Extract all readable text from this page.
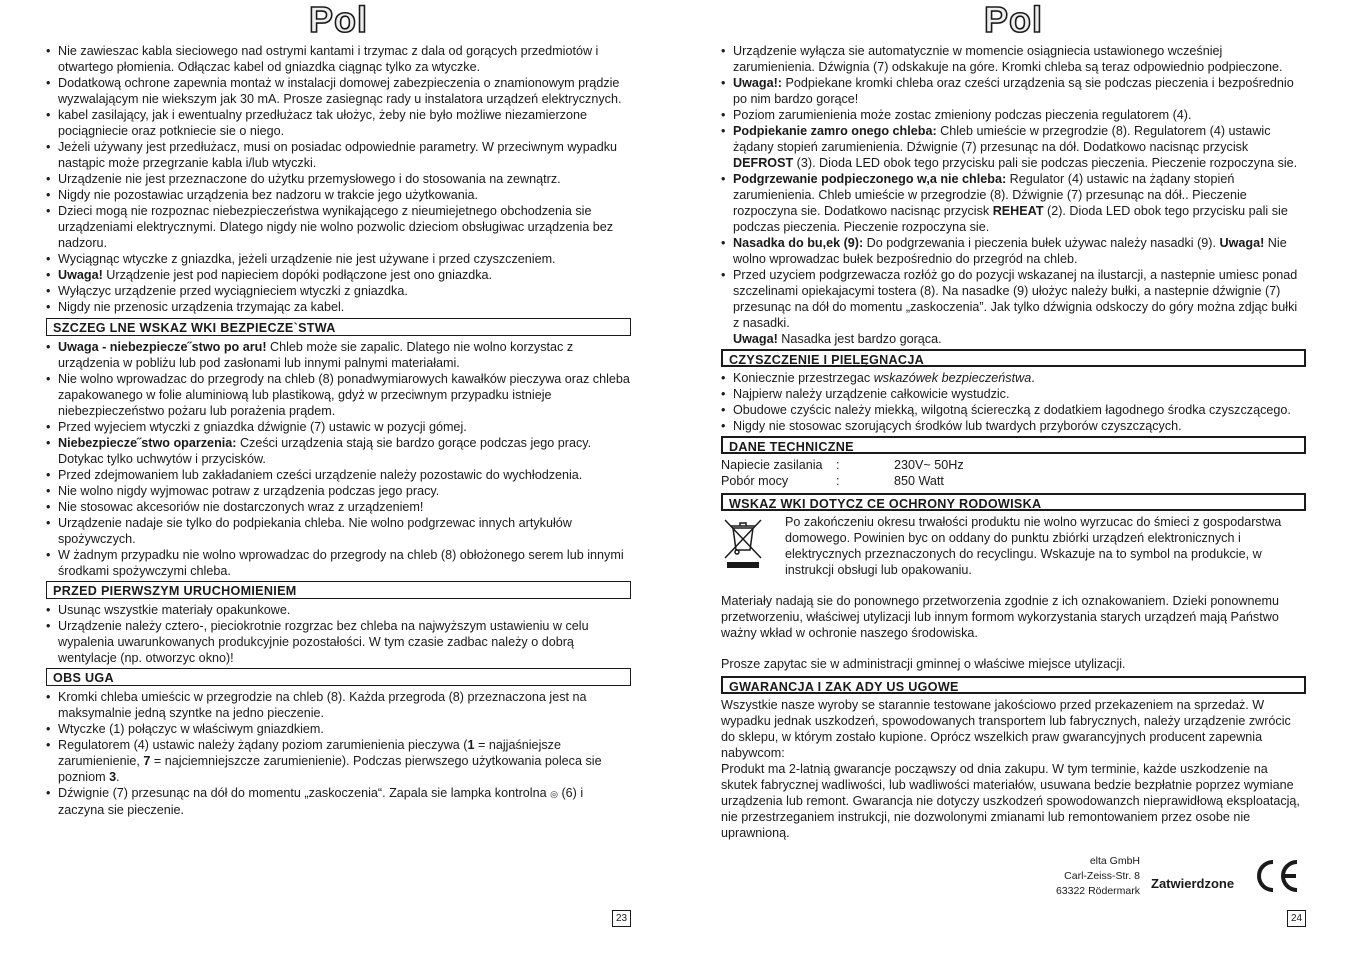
Pol
• Nie zawieszac kabla sieciowego nad ostrymi kantami i trzymac z dala od gorących przedmiotów i otwartego płomienia. Odłączac kabel od gniazdka ciągnąc tylko za wtyczke.
• Dodatkową ochrone zapewnia montaż w instalacji domowej zabezpieczenia o znamionowym prądzie wyzwalającym nie wiekszym jak 30 mA. Prosze zasiegnąc rady u instalatora urządzeń elektrycznych.
• kabel zasilający, jak i ewentualny przedłużacz tak ułożyc, żeby nie było możliwe niezamierzone pociągniecie oraz potkniecie sie o niego.
• Jeżeli używany jest przedłużacz, musi on posiadac odpowiednie parametry. W przeciwnym wypadku nastąpic może przegrzanie kabla i/lub wtyczki.
• Urządzenie nie jest przeznaczone do użytku przemysłowego i do stosowania na zewnątrz.
• Nigdy nie pozostawiac urządzenia bez nadzoru w trakcie jego użytkowania.
• Dzieci mogą nie rozpoznac niebezpieczeństwa wynikającego z nieumiejetnego obchodzenia sie urządzeniami elektrycznymi. Dlatego nigdy nie wolno pozwolic dzieciom obsługiwac urządzenia bez nadzoru.
• Wyciągnąc wtyczke z gniazdka, jeżeli urządzenie nie jest używane i przed czyszczeniem.
• Uwaga! Urządzenie jest pod napieciem dopóki podłączone jest ono gniazdka.
• Wyłączyc urządzenie przed wyciągnieciem wtyczki z gniazdka.
• Nigdy nie przenosic urządzenia trzymając za kabel.
SZCZEG LNE WSKAZ WKI BEZPIECZE`STWA
• Uwaga - niebezpiecze˝stwo po aru! Chleb może sie zapalic. Dlatego nie wolno korzystac z urządzenia w pobliżu lub pod zasłonami lub innymi palnymi materiałami.
• Nie wolno wprowadzac do przegrody na chleb (8) ponadwymiarowych kawałków pieczywa oraz chleba zapakowanego w folie aluminiową lub plastikową, gdyż w przeciwnym przypadku istnieje niebezpieczeństwo pożaru lub porażenia prądem.
• Przed wyjeciem wtyczki z gniazdka dźwignie (7) ustawic w pozycji gómej.
• Niebezpiecze˝stwo oparzenia: Cześci urządzenia stają sie bardzo gorące podczas jego pracy. Dotykac tylko uchwytów i przycisków.
• Przed zdejmowaniem lub zakładaniem cześci urządzenie należy pozostawic do wychłodzenia.
• Nie wolno nigdy wyjmowac potraw z urządzenia podczas jego pracy.
• Nie stosowac akcesoriów nie dostarczonych wraz z urządzeniem!
• Urządzenie nadaje sie tylko do podpiekania chleba. Nie wolno podgrzewac innych artykułów spożywczych.
• W żadnym przypadku nie wolno wprowadzac do przegrody na chleb (8) obłożonego serem lub innymi środkami spożywczymi chleba.
PRZED PIERWSZYM URUCHOMIENIEM
• Usunąc wszystkie materiały opakunkowe.
• Urządzenie należy cztero-, pieciokrotnie rozgrzac bez chleba na najwyższym ustawieniu w celu wypalenia uwarunkowanych produkcyjnie pozostałości. W tym czasie zadbac należy o dobrą wentylacje (np. otworzyc okno)!
OBS UGA
• Kromki chleba umieścic w przegrodzie na chleb (8). Każda przegroda (8) przeznaczona jest na maksymalnie jedną szyntke na jedno pieczenie.
• Wtyczke (1) połączyc w właściwym gniazdkiem.
• Regulatorem (4) ustawic należy żądany poziom zarumienienia pieczywa (1 = najjaśniejsze zarumienienie, 7 = najciemniejszcze zarumienienie). Podczas pierwszego użytkowania poleca sie pozniom 3.
• Dźwignie (7) przesunąc na dół do momentu „zaskoczenia“. Zapala sie lampka kontrolna ◎ (6) i zaczyna sie pieczenie.
23
Pol
• Urządzenie wyłącza sie automatycznie w momencie osiągniecia ustawionego wcześniej zarumienienia. Dźwignia (7) odskakuje na góre. Kromki chleba są teraz odpowiednio podpieczone.
• Uwaga!: Podpiekane kromki chleba oraz cześci urządzenia są sie podczas pieczenia i bezpośrednio po nim bardzo gorące!
• Poziom zarumienienia może zostac zmieniony podczas pieczenia regulatorem (4).
• Podpiekanie zamro onego chleba: Chleb umieście w przegrodzie (8). Regulatorem (4) ustawic żądany stopień zarumienienia. Dźwignie (7) przesunąc na dół. Dodatkowo nacisnąc przycisk DEFROST (3). Dioda LED obok tego przycisku pali sie podczas pieczenia. Pieczenie rozpoczyna sie.
• Podgrzewanie podpieczonego w,a nie chleba: Regulator (4) ustawic na żądany stopień zarumienienia. Chleb umieście w przegrodzie (8). Dźwignie (7) przesunąc na dół.. Pieczenie rozpoczyna sie. Dodatkowo nacisnąc przycisk REHEAT (2). Dioda LED obok tego przycisku pali sie podczas pieczenia. Pieczenie rozpoczyna sie.
• Nasadka do bu,ek (9): Do podgrzewania i pieczenia bułek używac należy nasadki (9). Uwaga! Nie wolno wprowadzac bułek bezpośrednio do przegród na chleb.
• Przed uzyciem podgrzewacza rozłóż go do pozycji wskazanej na ilustarcji, a nastepnie umiesc ponad szczelinami opiekajacymi tostera (8). Na nasadke (9) ułożyc należy bułki, a nastepnie dźwignie (7) przesunąc na dół do momentu „zaskoczenia”. Jak tylko dźwignia odskoczy do góry można zdjąc bułki z nasadki.
Uwaga! Nasadka jest bardzo gorąca.
CZYSZCZENIE I PIELĘGNACJA
• Koniecznie przestrzegac wskazówek bezpieczeństwa.
• Najpierw należy urządzenie całkowicie wystudzic.
• Obudowe czyścic należy miekką, wilgotną ściereczką z dodatkiem łagodnego środka czyszczącego.
• Nigdy nie stosowac szorujących środków lub twardych przyborów czyszczących.
DANE TECHNICZNE
Napiecie zasilania	:	230V~ 50Hz
Pobór mocy	:	850 Watt
WSKAZ WKI DOTYCZ CE OCHRONY RODOWISKA
Po zakończeniu okresu trwałości produktu nie wolno wyrzucac do śmieci z gospodarstwa domowego. Powinien byc on oddany do punktu zbiórki urządzeń elektronicznych i elektrycznych przeznaczonych do recyclingu. Wskazuje na to symbol na produkcie, w instrukcji obsługi lub opakowaniu.
Materiały nadają sie do ponownego przetworzenia zgodnie z ich oznakowaniem. Dzieki ponownemu przetworzeniu, właściwej utylizacji lub innym formom wykorzystania starych urządzeń mają Państwo ważny wkład w ochronie naszego środowiska.
Prosze zapytac sie w administracji gminnej o właściwe miejsce utylizacji.
GWARANCJA I ZAK ADY US UGOWE
Wszystkie nasze wyroby se starannie testowane jakościowo przed przekazeniem na sprzedaż. W wypadku jednak uszkodzeń, spowodowanych transportem lub fabrycznych, należy urządzenie zwrócic do sklepu, w którym zostało kupione. Oprócz wszelkich praw gwarancyjnych producent zapewnia nabywcom:
Produkt ma 2-latnią gwarancje począwszy od dnia zakupu. W tym terminie, każde uszkodzenie na skutek fabrycznej wadliwości, lub wadliwości materiałów, usuwana bedzie bezpłatnie poprzez wymiane urządzenia lub remont. Gwarancja nie dotyczy uszkodzeń spowodowanzch nieprawidłową eksploatacją, nie przestrzeganiem instrukcji, nie dozwolonymi zmianami lub remontowaniem przez osobe nie uprawnioną.
elta GmbH
Carl-Zeiss-Str. 8
63322 Rödermark Zatwierdzone
24
